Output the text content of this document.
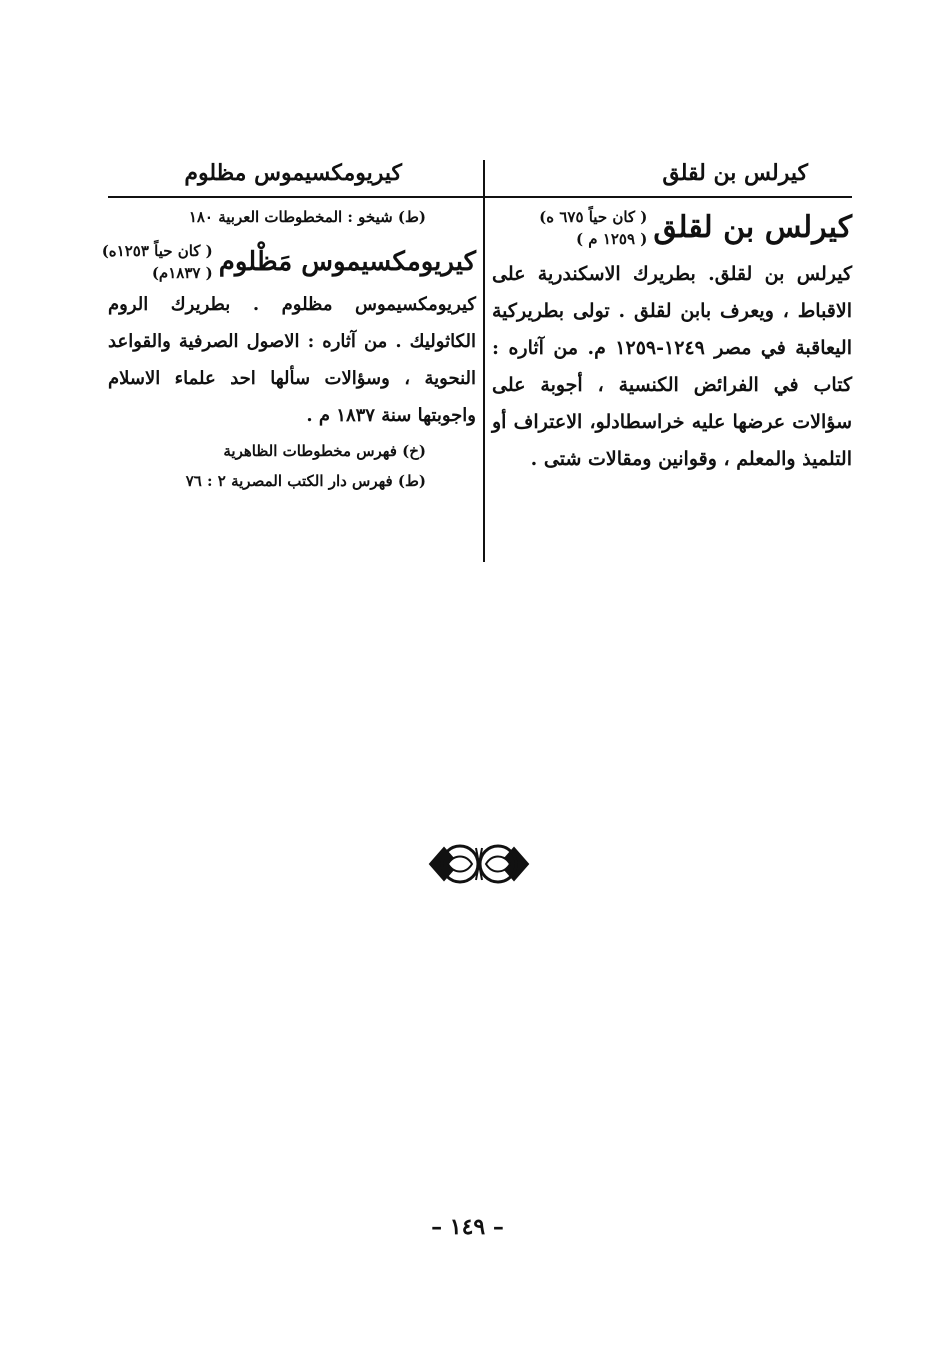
كيرلس بن لقلق
كيرلس بن لقلق
( كان حياً ٦٧٥ ه)
( ١٢٥٩ م )
كيرلس بن لقلق. بطريرك الاسكندرية على الاقباط ، ويعرف بابن لقلق . تولى بطريركية اليعاقبة في مصر ١٢٤٩-١٢٥٩ م. من آثاره : كتاب في الفرائض الكنسية ، أجوبة على سؤالات عرضها عليه خراسطادلو، الاعتراف أو التلميذ والمعلم ، وقوانين ومقالات شتى .
كيريومكسيموس مظلوم
(ط) شيخو : المخطوطات العربية ١٨٠
كيريومكسيموس مَظْلوم
( كان حياً ١٢٥٣ه)
( ١٨٣٧م)
كيريومكسيموس مظلوم . بطريرك الروم الكاثوليك . من آثاره : الاصول الصرفية والقواعد النحوية ، وسؤالات سألها احد علماء الاسلام واجوبتها سنة ١٨٣٧ م .
(خ) فهرس مخطوطات الظاهرية
(ط) فهرس دار الكتب المصرية ٢ : ٧٦
– ١٤٩ –
